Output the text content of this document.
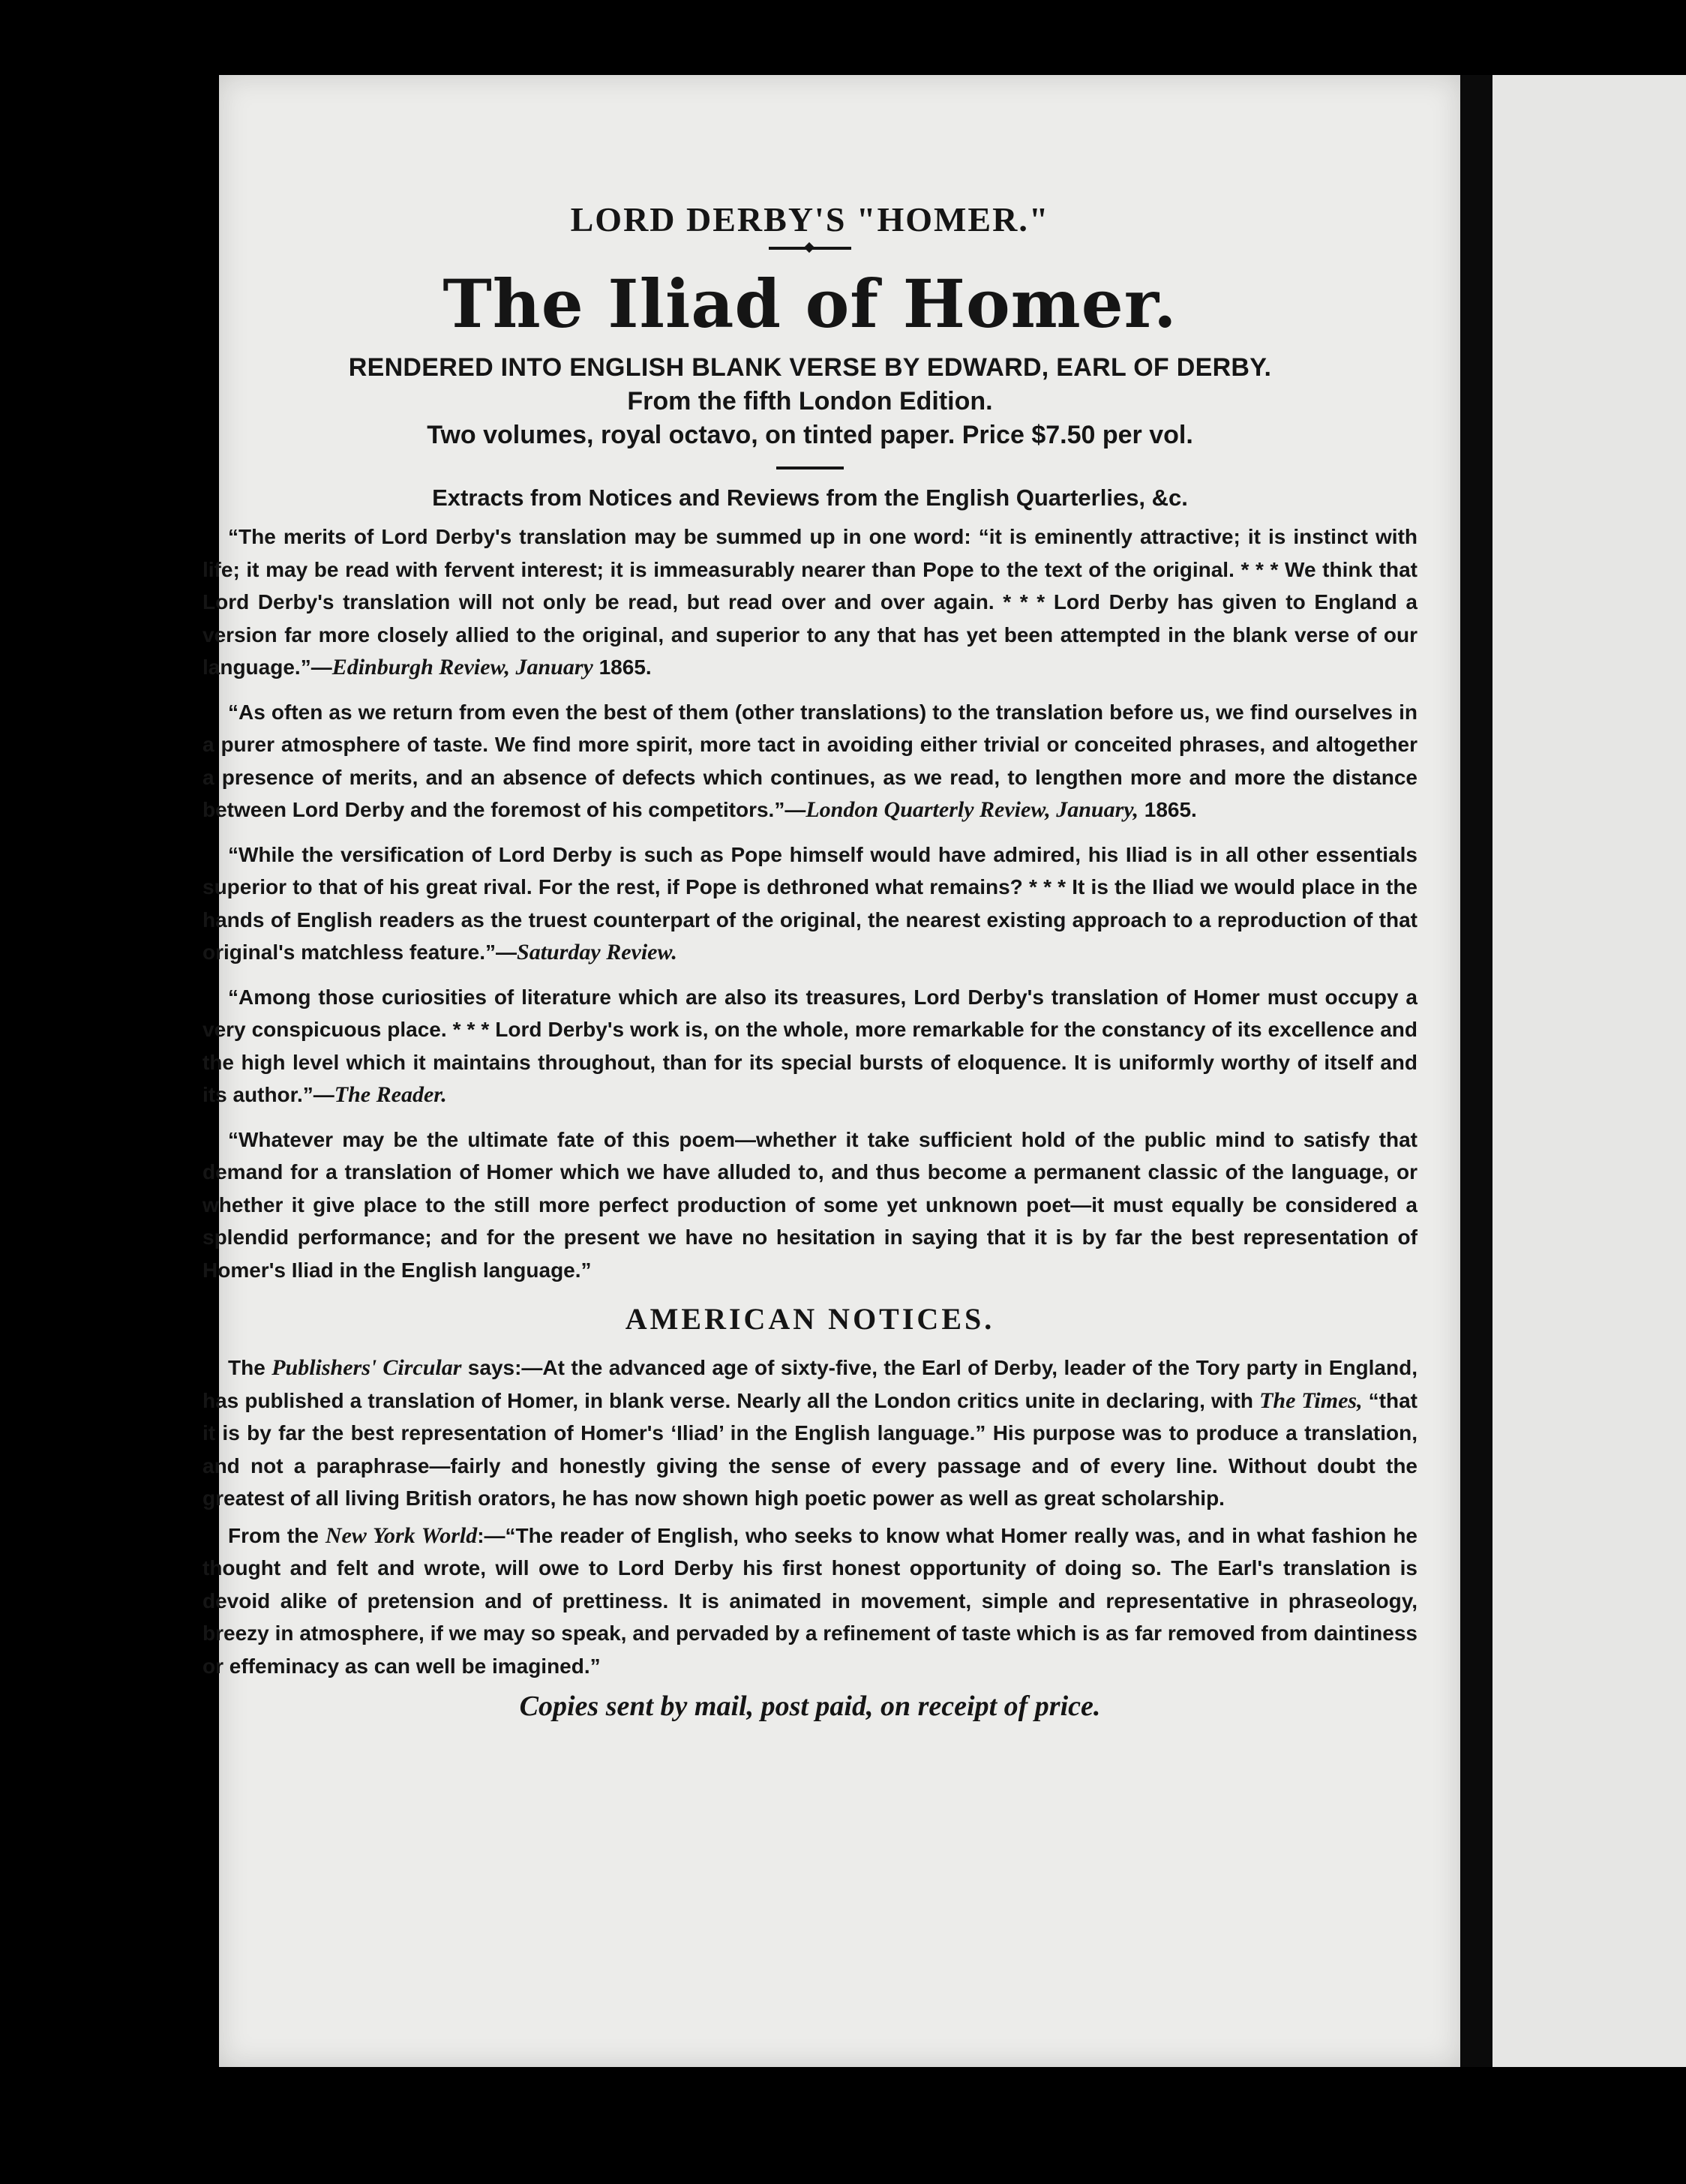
LORD DERBY'S "HOMER."
The Iliad of Homer.
RENDERED INTO ENGLISH BLANK VERSE BY EDWARD, EARL OF DERBY.
From the fifth London Edition.
Two volumes, royal octavo, on tinted paper. Price $7.50 per vol.
Extracts from Notices and Reviews from the English Quarterlies, &c.

“The merits of Lord Derby's translation may be summed up in one word: “it is eminently attractive; it is instinct with life; it may be read with fervent interest; it is immeasurably nearer than Pope to the text of the original. * * * We think that Lord Derby's translation will not only be read, but read over and over again. * * * Lord Derby has given to England a version far more closely allied to the original, and superior to any that has yet been attempted in the blank verse of our language.”—Edinburgh Review, January 1865.

“As often as we return from even the best of them (other translations) to the translation before us, we find ourselves in a purer atmosphere of taste. We find more spirit, more tact in avoiding either trivial or conceited phrases, and altogether a presence of merits, and an absence of defects which continues, as we read, to lengthen more and more the distance between Lord Derby and the foremost of his competitors.”—London Quarterly Review, January, 1865.

“While the versification of Lord Derby is such as Pope himself would have admired, his Iliad is in all other essentials superior to that of his great rival. For the rest, if Pope is dethroned what remains? * * * It is the Iliad we would place in the hands of English readers as the truest counterpart of the original, the nearest existing approach to a reproduction of that original's matchless feature.”—Saturday Review.

“Among those curiosities of literature which are also its treasures, Lord Derby's translation of Homer must occupy a very conspicuous place. * * * Lord Derby's work is, on the whole, more remarkable for the constancy of its excellence and the high level which it maintains throughout, than for its special bursts of eloquence. It is uniformly worthy of itself and its author.”—The Reader.

“Whatever may be the ultimate fate of this poem—whether it take sufficient hold of the public mind to satisfy that demand for a translation of Homer which we have alluded to, and thus become a permanent classic of the language, or whether it give place to the still more perfect production of some yet unknown poet—it must equally be considered a splendid performance; and for the present we have no hesitation in saying that it is by far the best representation of Homer's Iliad in the English language.”

AMERICAN NOTICES.

The Publishers' Circular says:—At the advanced age of sixty-five, the Earl of Derby, leader of the Tory party in England, has published a translation of Homer, in blank verse. Nearly all the London critics unite in declaring, with The Times, “that it is by far the best representation of Homer's ‘Iliad’ in the English language.” His purpose was to produce a translation, and not a paraphrase—fairly and honestly giving the sense of every passage and of every line. Without doubt the greatest of all living British orators, he has now shown high poetic power as well as great scholarship.

From the New York World:—“The reader of English, who seeks to know what Homer really was, and in what fashion he thought and felt and wrote, will owe to Lord Derby his first honest opportunity of doing so. The Earl's translation is devoid alike of pretension and of prettiness. It is animated in movement, simple and representative in phraseology, breezy in atmosphere, if we may so speak, and pervaded by a refinement of taste which is as far removed from daintiness or effeminacy as can well be imagined.”

Copies sent by mail, post paid, on receipt of price.
